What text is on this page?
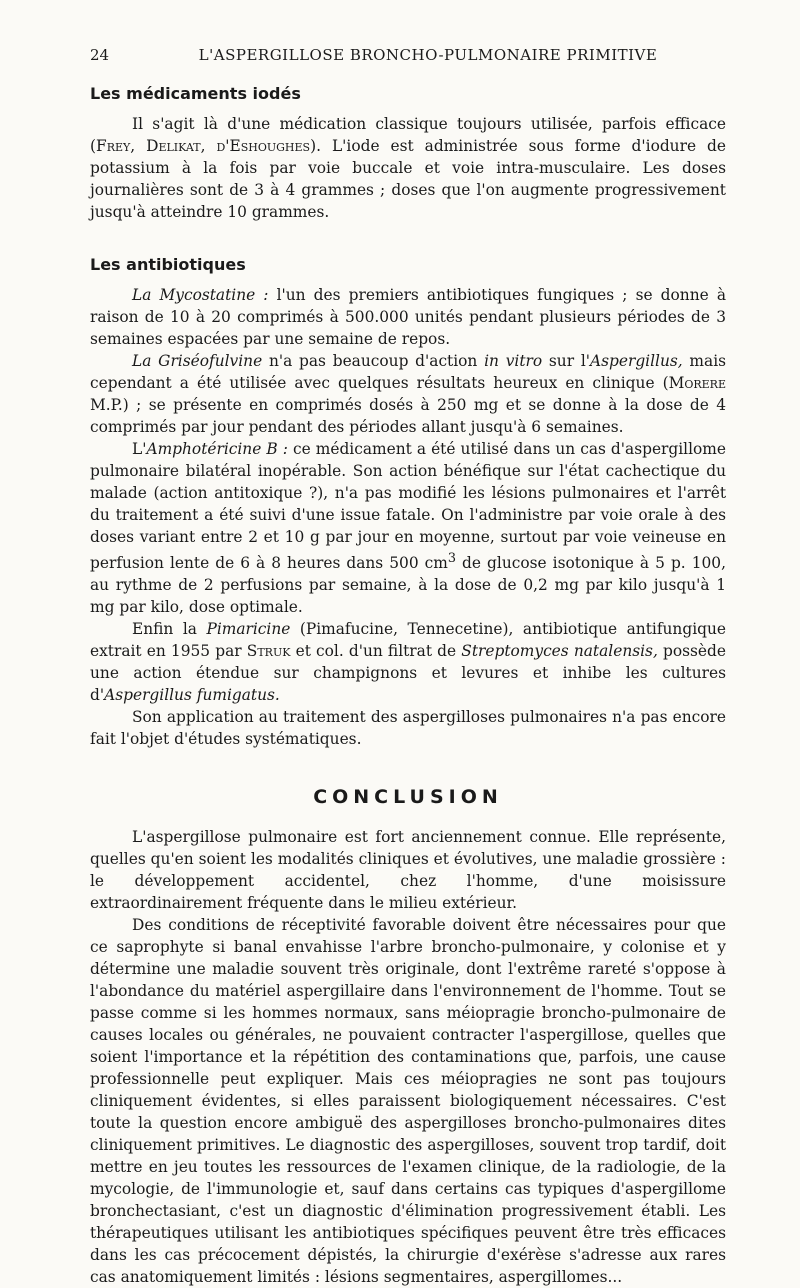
24	L'ASPERGILLOSE BRONCHO-PULMONAIRE PRIMITIVE
Les médicaments iodés

Il s'agit là d'une médication classique toujours utilisée, parfois efficace (Frey, Delikat, d'Eshoughes). L'iode est administrée sous forme d'iodure de potassium à la fois par voie buccale et voie intra-musculaire. Les doses journalières sont de 3 à 4 grammes ; doses que l'on augmente progressivement jusqu'à atteindre 10 grammes.

Les antibiotiques

La Mycostatine : l'un des premiers antibiotiques fungiques ; se donne à raison de 10 à 20 comprimés à 500.000 unités pendant plusieurs périodes de 3 semaines espacées par une semaine de repos.

La Griséofulvine n'a pas beaucoup d'action in vitro sur l'Aspergillus, mais cependant a été utilisée avec quelques résultats heureux en clinique (Morere M.P.) ; se présente en comprimés dosés à 250 mg et se donne à la dose de 4 comprimés par jour pendant des périodes allant jusqu'à 6 semaines.

L'Amphotéricine B : ce médicament a été utilisé dans un cas d'aspergillome pulmonaire bilatéral inopérable. Son action bénéfique sur l'état cachectique du malade (action antitoxique ?), n'a pas modifié les lésions pulmonaires et l'arrêt du traitement a été suivi d'une issue fatale. On l'administre par voie orale à des doses variant entre 2 et 10 g par jour en moyenne, surtout par voie veineuse en perfusion lente de 6 à 8 heures dans 500 $cm^3$ de glucose isotonique à 5 p. 100, au rythme de 2 perfusions par semaine, à la dose de 0,2 mg par kilo jusqu'à 1 mg par kilo, dose optimale.

Enfin la Pimaricine (Pimafucine, Tennecetine), antibiotique antifungique extrait en 1955 par Struk et col. d'un filtrat de Streptomyces natalensis, possède une action étendue sur champignons et levures et inhibe les cultures d'Aspergillus fumigatus.

Son application au traitement des aspergilloses pulmonaires n'a pas encore fait l'objet d'études systématiques.

CONCLUSION

L'aspergillose pulmonaire est fort anciennement connue. Elle représente, quelles qu'en soient les modalités cliniques et évolutives, une maladie grossière : le développement accidentel, chez l'homme, d'une moisissure extraordinairement fréquente dans le milieu extérieur.

Des conditions de réceptivité favorable doivent être nécessaires pour que ce saprophyte si banal envahisse l'arbre broncho-pulmonaire, y colonise et y détermine une maladie souvent très originale, dont l'extrême rareté s'oppose à l'abondance du matériel aspergillaire dans l'environnement de l'homme. Tout se passe comme si les hommes normaux, sans méiopragie broncho-pulmonaire de causes locales ou générales, ne pouvaient contracter l'aspergillose, quelles que soient l'importance et la répétition des contaminations que, parfois, une cause professionnelle peut expliquer. Mais ces méiopragies ne sont pas toujours cliniquement évidentes, si elles paraissent biologiquement nécessaires. C'est toute la question encore ambiguë des aspergilloses broncho-pulmonaires dites cliniquement primitives. Le diagnostic des aspergilloses, souvent trop tardif, doit mettre en jeu toutes les ressources de l'examen clinique, de la radiologie, de la mycologie, de l'immunologie et, sauf dans certains cas typiques d'aspergillome bronchectasiant, c'est un diagnostic d'élimination progressivement établi. Les thérapeutiques utilisant les antibiotiques spécifiques peuvent être très efficaces dans les cas précocement dépistés, la chirurgie d'exérèse s'adresse aux rares cas anatomiquement limités : lésions segmentaires, aspergillomes...
